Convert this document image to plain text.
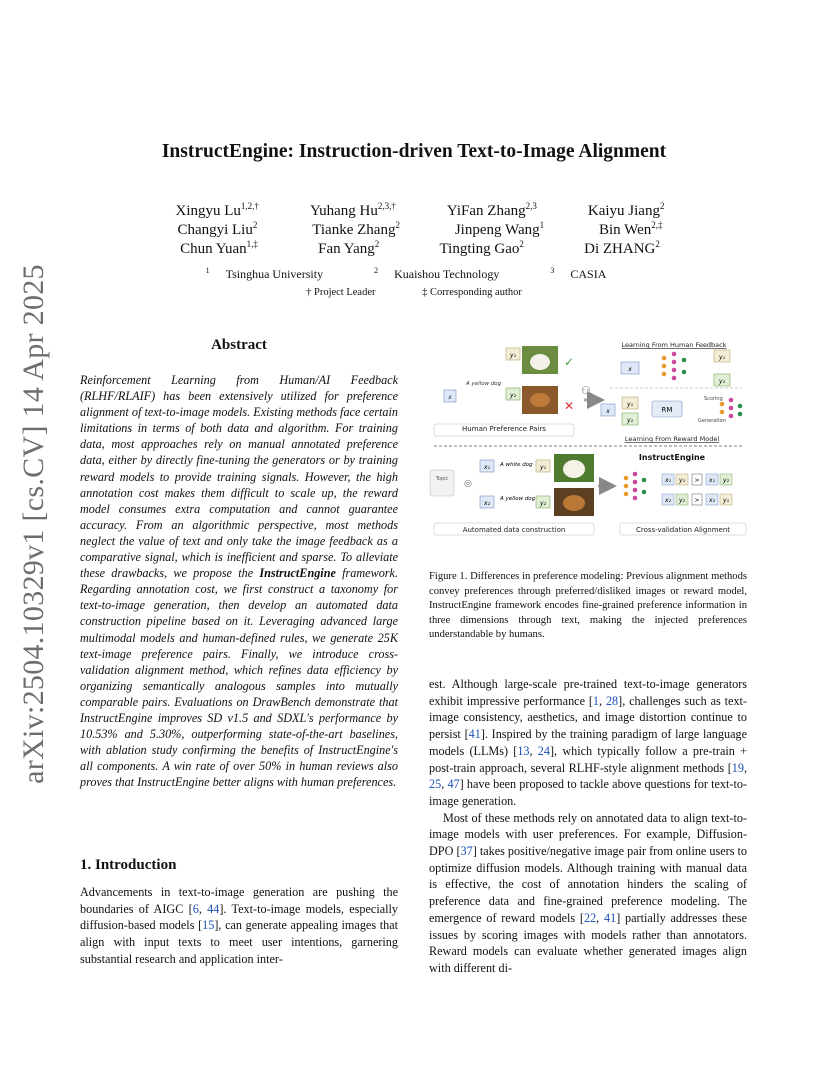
arXiv:2504.10329v1 [cs.CV] 14 Apr 2025
InstructEngine: Instruction-driven Text-to-Image Alignment
Xingyu $Lu^{1,2,\dagger}$	Yuhang $Hu^{2,3,\dagger}$	YiFan Zhang$^{2,3}$	Kaiyu Jiang$^2$
Changyi Liu$^2$	Tianke Zhang$^2$	Jinpeng Wang$^1$	Bin Wen$^{2,\ddagger}$
Chun Yuan$^{1,\ddagger}$	Fan Yang$^2$	Tingting Gao$^2$	Di ZHANG$^2$
$^1$ Tsinghua University	$^2$ Kuaishou Technology	$^3$ CASIA
† Project Leader	‡ Corresponding author
Abstract
Reinforcement Learning from Human/AI Feedback (RLHF/RLAIF) has been extensively utilized for preference alignment of text-to-image models. Existing methods face certain limitations in terms of both data and algorithm. For training data, most approaches rely on manual annotated preference data, either by directly fine-tuning the generators or by training reward models to provide training signals. However, the high annotation cost makes them difficult to scale up, the reward model consumes extra computation and cannot guarantee accuracy. From an algorithmic perspective, most methods neglect the value of text and only take the image feedback as a comparative signal, which is inefficient and sparse. To alleviate these drawbacks, we propose the InstructEngine framework. Regarding annotation cost, we first construct a taxonomy for text-to-image generation, then develop an automated data construction pipeline based on it. Leveraging advanced large multimodal models and human-defined rules, we generate 25K text-image preference pairs. Finally, we introduce cross-validation alignment method, which refines data efficiency by organizing semantically analogous samples into mutually comparable pairs. Evaluations on DrawBench demonstrate that InstructEngine improves SD v1.5 and SDXL's performance by 10.53% and 5.30%, outperforming state-of-the-art baselines, with ablation study confirming the benefits of InstructEngine's all components. A win rate of over 50% in human reviews also proves that InstructEngine better aligns with human preferences.
1. Introduction
Advancements in text-to-image generation are pushing the boundaries of AIGC [6, 44]. Text-to-image models, especially diffusion-based models [15], can generate appealing images that align with input texts to meet user intentions, garnering substantial research and application inter-
x
A yellow dog
y₁	✓
y₂
✕
Human Preference Pairs
⚇
Learning From Human Feedback
x
y₁
y₂
x
y₁
y₂
RM
Scoring
Generation
Learning From Reward Model
Topic ◎
x₁ A white dog y₁
x₂
A yellow dog
y₂
Automated data construction
InstructEngine
x₁ y₁ > x₁ y₂
x₂ y₂ > x₂ y₁
Cross-validation Alignment
Figure 1. Differences in preference modeling: Previous alignment methods convey preferences through preferred/disliked images or reward model, InstructEngine framework encodes fine-grained preference information in three dimensions through text, making the injected preferences understandable by humans.

est. Although large-scale pre-trained text-to-image generators exhibit impressive performance [1, 28], challenges such as text-image consistency, aesthetics, and image distortion continue to persist [41]. Inspired by the training paradigm of large language models (LLMs) [13, 24], which typically follow a pre-train + post-train approach, several RLHF-style alignment methods [19, 25, 47] have been proposed to tackle above questions for text-to-image generation.

Most of these methods rely on annotated data to align text-to-image models with user preferences. For example, Diffusion-DPO [37] takes positive/negative image pair from online users to optimize diffusion models. Although training with manual data is effective, the cost of annotation hinders the scaling of preference data and fine-grained preference modeling. The emergence of reward models [22, 41] partially addresses these issues by scoring images with models rather than annotators. Reward models can evaluate whether generated images align with different di-
